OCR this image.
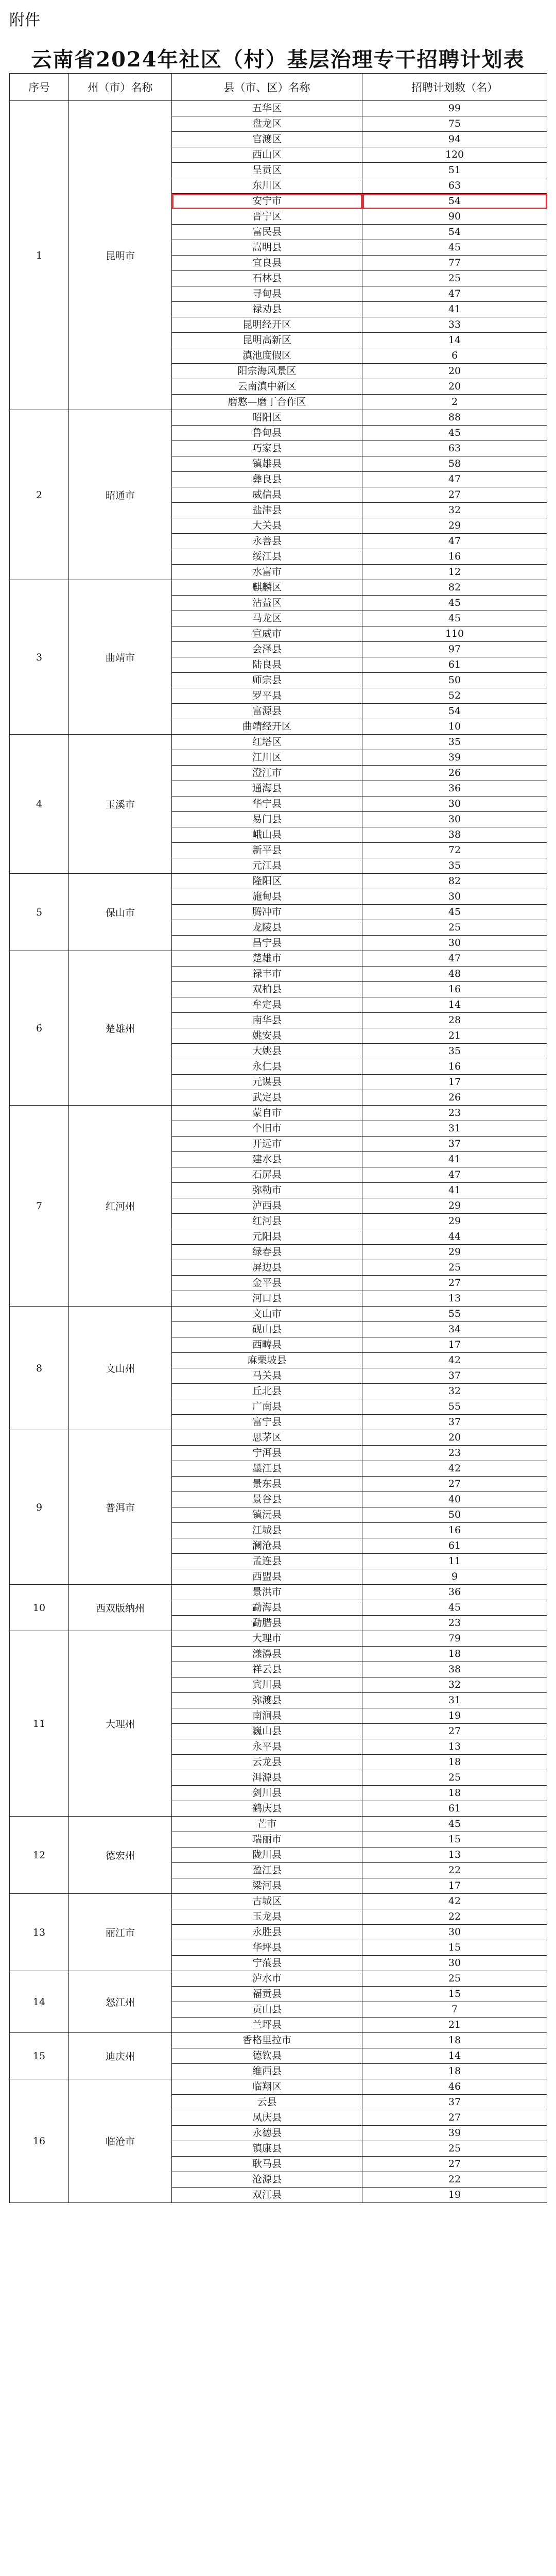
附件
云南省2024年社区（村）基层治理专干招聘计划表
序号	州（市）名称	县（市、区）名称	招聘计划数（名）
1	昆明市	五华区	99
		盘龙区	75
		官渡区	94
		西山区	120
		呈贡区	51
		东川区	63
		安宁市	54
		晋宁区	90
		富民县	54
		嵩明县	45
		宜良县	77
		石林县	25
		寻甸县	47
		禄劝县	41
		昆明经开区	33
		昆明高新区	14
		滇池度假区	6
		阳宗海风景区	20
		云南滇中新区	20
		磨憨—磨丁合作区	2
2	昭通市	昭阳区	88
		鲁甸县	45
		巧家县	63
		镇雄县	58
		彝良县	47
		威信县	27
		盐津县	32
		大关县	29
		永善县	47
		绥江县	16
		水富市	12
3	曲靖市	麒麟区	82
		沾益区	45
		马龙区	45
		宣威市	110
		会泽县	97
		陆良县	61
		师宗县	50
		罗平县	52
		富源县	54
		曲靖经开区	10
4	玉溪市	红塔区	35
		江川区	39
		澄江市	26
		通海县	36
		华宁县	30
		易门县	30
		峨山县	38
		新平县	72
		元江县	35
5	保山市	隆阳区	82
		施甸县	30
		腾冲市	45
		龙陵县	25
		昌宁县	30
6	楚雄州	楚雄市	47
		禄丰市	48
		双柏县	16
		牟定县	14
		南华县	28
		姚安县	21
		大姚县	35
		永仁县	16
		元谋县	17
		武定县	26
7	红河州	蒙自市	23
		个旧市	31
		开远市	37
		建水县	41
		石屏县	47
		弥勒市	41
		泸西县	29
		红河县	29
		元阳县	44
		绿春县	29
		屏边县	25
		金平县	27
		河口县	13
8	文山州	文山市	55
		砚山县	34
		西畴县	17
		麻栗坡县	42
		马关县	37
		丘北县	32
		广南县	55
		富宁县	37
9	普洱市	思茅区	20
		宁洱县	23
		墨江县	42
		景东县	27
		景谷县	40
		镇沅县	50
		江城县	16
		澜沧县	61
		孟连县	11
		西盟县	9
10	西双版纳州	景洪市	36
		勐海县	45
		勐腊县	23
11	大理州	大理市	79
		漾濞县	18
		祥云县	38
		宾川县	32
		弥渡县	31
		南涧县	19
		巍山县	27
		永平县	13
		云龙县	18
		洱源县	25
		剑川县	18
		鹤庆县	61
12	德宏州	芒市	45
		瑞丽市	15
		陇川县	13
		盈江县	22
		梁河县	17
13	丽江市	古城区	42
		玉龙县	22
		永胜县	30
		华坪县	15
		宁蒗县	30
14	怒江州	泸水市	25
		福贡县	15
		贡山县	7
		兰坪县	21
15	迪庆州	香格里拉市	18
		德钦县	14
		维西县	18
16	临沧市	临翔区	46
		云县	37
		凤庆县	27
		永德县	39
		镇康县	25
		耿马县	27
		沧源县	22
		双江县	19
